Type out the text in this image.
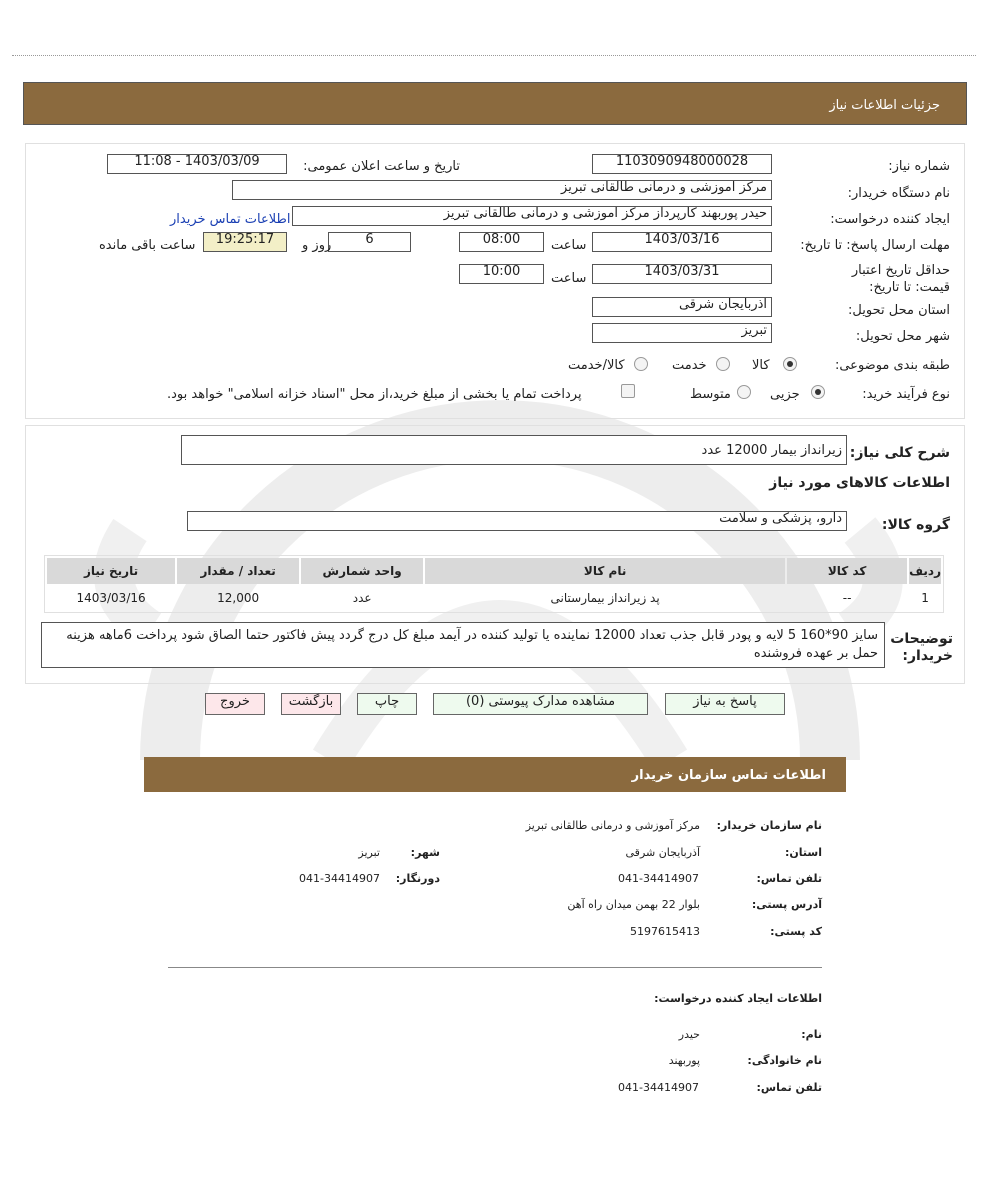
جزئیات اطلاعات نیاز
شماره نیاز:
1103090948000028
تاریخ و ساعت اعلان عمومی:
1403/03/09 - 11:08
نام دستگاه خریدار:
مرکز آموزشی و درمانی طالقانی تبریز
ایجاد کننده درخواست:
حیدر پوربهند کارپرداز مرکز آموزشی و درمانی طالقانی تبریز
اطلاعات تماس خریدار
مهلت ارسال پاسخ: تا تاریخ:
1403/03/16
ساعت
08:00
6
روز و
19:25:17
ساعت باقی مانده
حداقل تاریخ اعتبار قیمت: تا تاریخ:
1403/03/31
ساعت
10:00
استان محل تحویل:
آذربایجان شرقی
شهر محل تحویل:
تبریز
طبقه بندی موضوعی:
کالا
خدمت
کالا/خدمت
نوع فرآیند خرید:
جزیی
متوسط
پرداخت تمام یا بخشی از مبلغ خرید،از محل "اسناد خزانه اسلامی" خواهد بود.
شرح کلی نیاز:
زیرانداز بیمار 12000 عدد
اطلاعات کالاهای مورد نیاز
گروه کالا:
دارو، پزشکی و سلامت
ردیف	کد کالا	نام کالا	واحد شمارش	تعداد / مقدار	تاریخ نیاز
1	--	پد زیرانداز بیمارستانی	عدد	12,000	1403/03/16
توضیحات خریدار:
سایز 90*160 5 لایه و پودر قابل جذب تعداد 12000 نماینده یا تولید کننده در آیمد مبلغ کل درج گردد پیش فاکتور حتما الصاق شود پرداخت 6ماهه هزینه حمل بر عهده فروشنده
پاسخ به نیاز
مشاهده مدارک پیوستی (0)
چاپ
بازگشت
خروج
اطلاعات تماس سازمان خریدار
نام سازمان خریدار:
مرکز آموزشی و درمانی طالقانی تبریز
استان:
آذربایجان شرقی
شهر:
تبریز
تلفن تماس:
041-34414907
دورنگار:
041-34414907
آدرس پستی:
بلوار 22 بهمن میدان راه آهن
کد پستی:
5197615413
اطلاعات ایجاد کننده درخواست:
نام:
حیدر
نام خانوادگی:
پوربهند
تلفن تماس:
041-34414907
